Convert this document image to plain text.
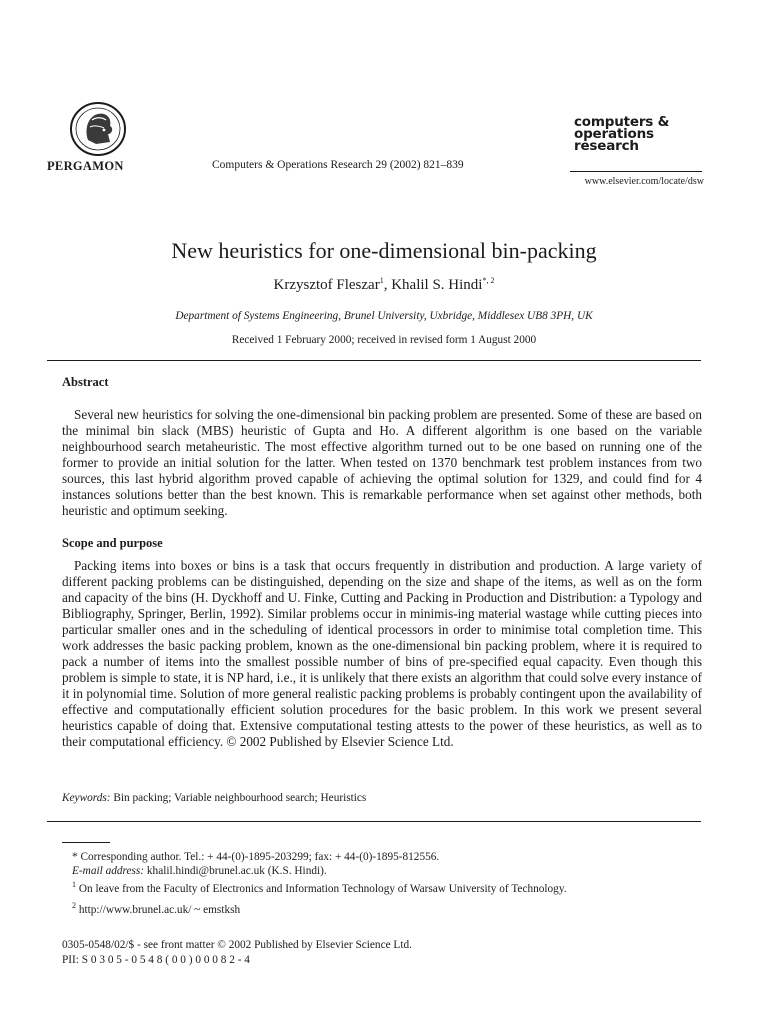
PERGAMON	Computers & Operations Research 29 (2002) 821–839
computers &
operations
research
www.elsevier.com/locate/dsw
New heuristics for one-dimensional bin-packing
Krzysztof Fleszar$^1$, Khalil S. Hindi$^{*, 2}$
Department of Systems Engineering, Brunel University, Uxbridge, Middlesex UB8 3PH, UK
Received 1 February 2000; received in revised form 1 August 2000
Abstract
Several new heuristics for solving the one-dimensional bin packing problem are presented. Some of these are based on the minimal bin slack (MBS) heuristic of Gupta and Ho. A different algorithm is one based on the variable neighbourhood search metaheuristic. The most effective algorithm turned out to be one based on running one of the former to provide an initial solution for the latter. When tested on 1370 benchmark test problem instances from two sources, this last hybrid algorithm proved capable of achieving the optimal solution for 1329, and could find for 4 instances solutions better than the best known. This is remarkable performance when set against other methods, both heuristic and optimum seeking.
Scope and purpose
Packing items into boxes or bins is a task that occurs frequently in distribution and production. A large variety of different packing problems can be distinguished, depending on the size and shape of the items, as well as on the form and capacity of the bins (H. Dyckhoff and U. Finke, Cutting and Packing in Production and Distribution: a Typology and Bibliography, Springer, Berlin, 1992). Similar problems occur in minimis-ing material wastage while cutting pieces into particular smaller ones and in the scheduling of identical processors in order to minimise total completion time. This work addresses the basic packing problem, known as the one-dimensional bin packing problem, where it is required to pack a number of items into the smallest possible number of bins of pre-specified equal capacity. Even though this problem is simple to state, it is NP hard, i.e., it is unlikely that there exists an algorithm that could solve every instance of it in polynomial time. Solution of more general realistic packing problems is probably contingent upon the availability of effective and computationally efficient solution procedures for the basic problem. In this work we present several heuristics capable of doing that. Extensive computational testing attests to the power of these heuristics, as well as to their computational efficiency. © 2002 Published by Elsevier Science Ltd.
Keywords: Bin packing; Variable neighbourhood search; Heuristics
* Corresponding author. Tel.: + 44-(0)-1895-203299; fax: + 44-(0)-1895-812556.
E-mail address: khalil.hindi@brunel.ac.uk (K.S. Hindi).
$^1$ On leave from the Faculty of Electronics and Information Technology of Warsaw University of Technology.
$^2$ http://www.brunel.ac.uk/ ~ emstksh
0305-0548/02/$ - see front matter © 2002 Published by Elsevier Science Ltd.
PII: S 0 3 0 5 - 0 5 4 8 ( 0 0 ) 0 0 0 8 2 - 4
